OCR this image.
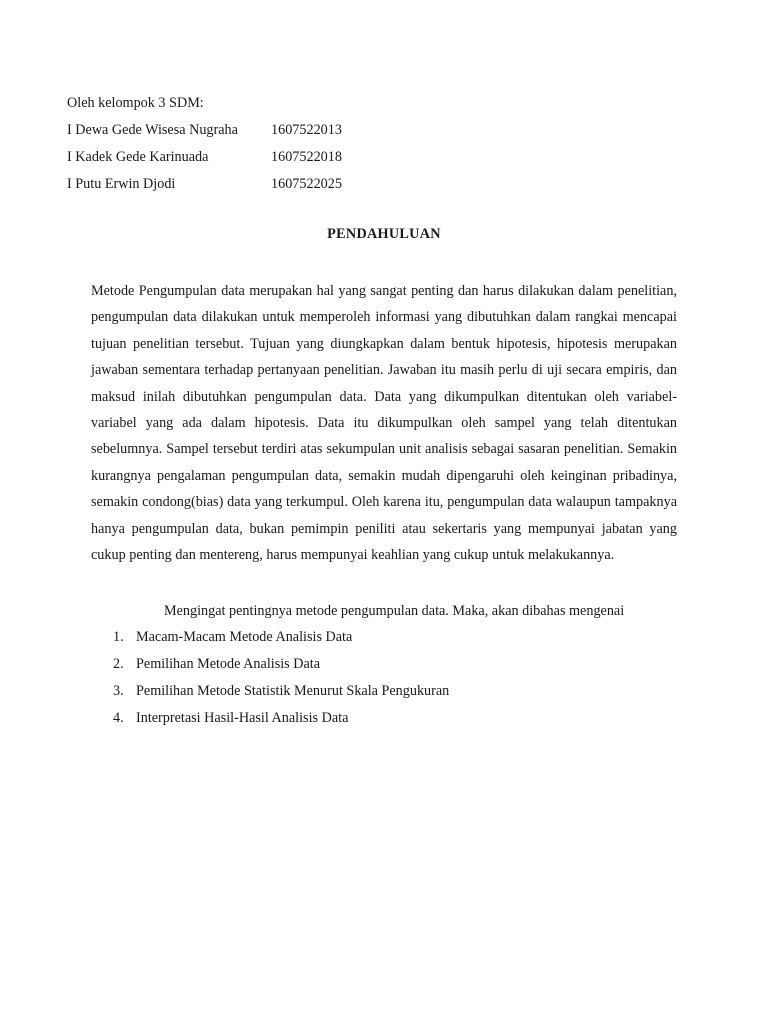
Oleh kelompok 3 SDM:
I Dewa Gede Wisesa Nugraha 1607522013
I Kadek Gede Karinuada	1607522018
I Putu Erwin Djodi	1607522025
PENDAHULUAN

Metode Pengumpulan data merupakan hal yang sangat penting dan harus dilakukan dalam penelitian, pengumpulan data dilakukan untuk memperoleh informasi yang dibutuhkan dalam rangkai mencapai tujuan penelitian tersebut. Tujuan yang diungkapkan dalam bentuk hipotesis, hipotesis merupakan jawaban sementara terhadap pertanyaan penelitian. Jawaban itu masih perlu di uji secara empiris, dan maksud inilah dibutuhkan pengumpulan data. Data yang dikumpulkan ditentukan oleh variabel-variabel yang ada dalam hipotesis. Data itu dikumpulkan oleh sampel yang telah ditentukan sebelumnya. Sampel tersebut terdiri atas sekumpulan unit analisis sebagai sasaran penelitian. Semakin kurangnya pengalaman pengumpulan data, semakin mudah dipengaruhi oleh keinginan pribadinya, semakin condong(bias) data yang terkumpul. Oleh karena itu, pengumpulan data walaupun tampaknya hanya pengumpulan data, bukan pemimpin peniliti atau sekertaris yang mempunyai jabatan yang cukup penting dan mentereng, harus mempunyai keahlian yang cukup untuk melakukannya.

Mengingat pentingnya metode pengumpulan data. Maka, akan dibahas mengenai
1. Macam-Macam Metode Analisis Data
2. Pemilihan Metode Analisis Data
3. Pemilihan Metode Statistik Menurut Skala Pengukuran
4. Interpretasi Hasil-Hasil Analisis Data
